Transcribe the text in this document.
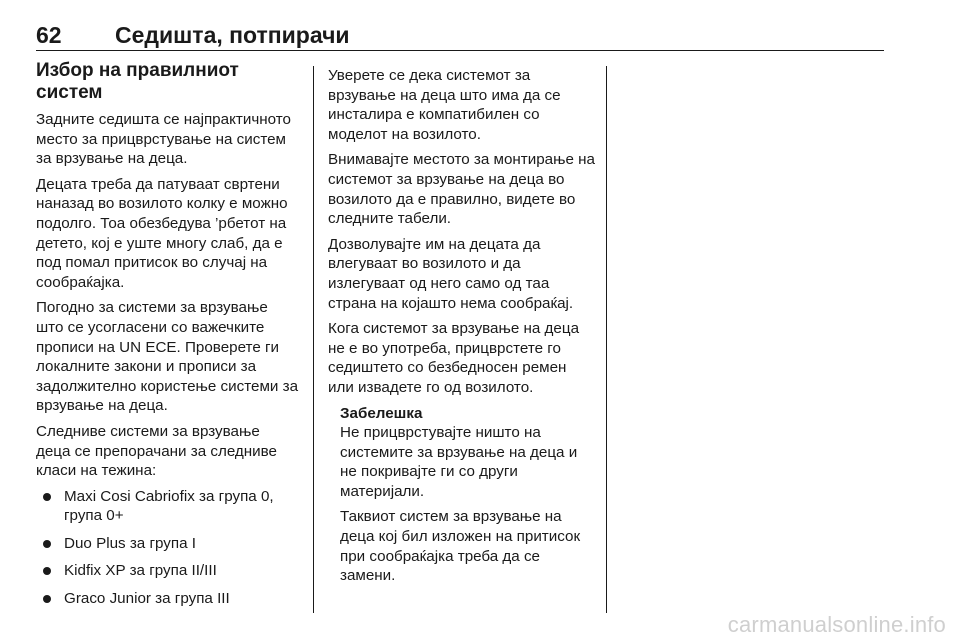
62 Седишта, потпирачи
Избор на правилниот систем

Задните седишта се најпрактичното место за прицврстување на систем за врзување на деца.

Децата треба да патуваат свртени наназад во возилото колку е можно подолго. Тоа обезбедува ’рбетот на детето, кој е уште многу слаб, да е под помал притисок во случај на сообраќајка.

Погодно за системи за врзување што се усогласени со важечките прописи на UN ECE. Проверете ги локалните закони и прописи за задолжително користење системи за врзување на деца.

Следниве системи за врзување деца се препорачани за следниве класи на тежина:

Maxi Cosi Cabriofix за група 0, група 0+
Duo Plus за група I
Kidfix XP за група II/III
Graco Junior за група III

Уверете се дека системот за врзување на деца што има да се инсталира е компатибилен со моделот на возилото.

Внимавајте местото за монтирање на системот за врзување на деца во возилото да е правилно, видете во следните табели.

Дозволувајте им на децата да влегуваат во возилото и да излегуваат од него само од таа страна на којашто нема сообраќај.

Кога системот за врзување на деца не е во употреба, прицврстете го седиштето со безбедносен ремен или извадете го од возилото.

Забелешка

Не прицврстувајте ништо на системите за врзување на деца и не покривајте ги со други материјали.

Таквиот систем за врзување на деца кој бил изложен на притисок при сообраќајка треба да се замени.

carmanualsonline.info
